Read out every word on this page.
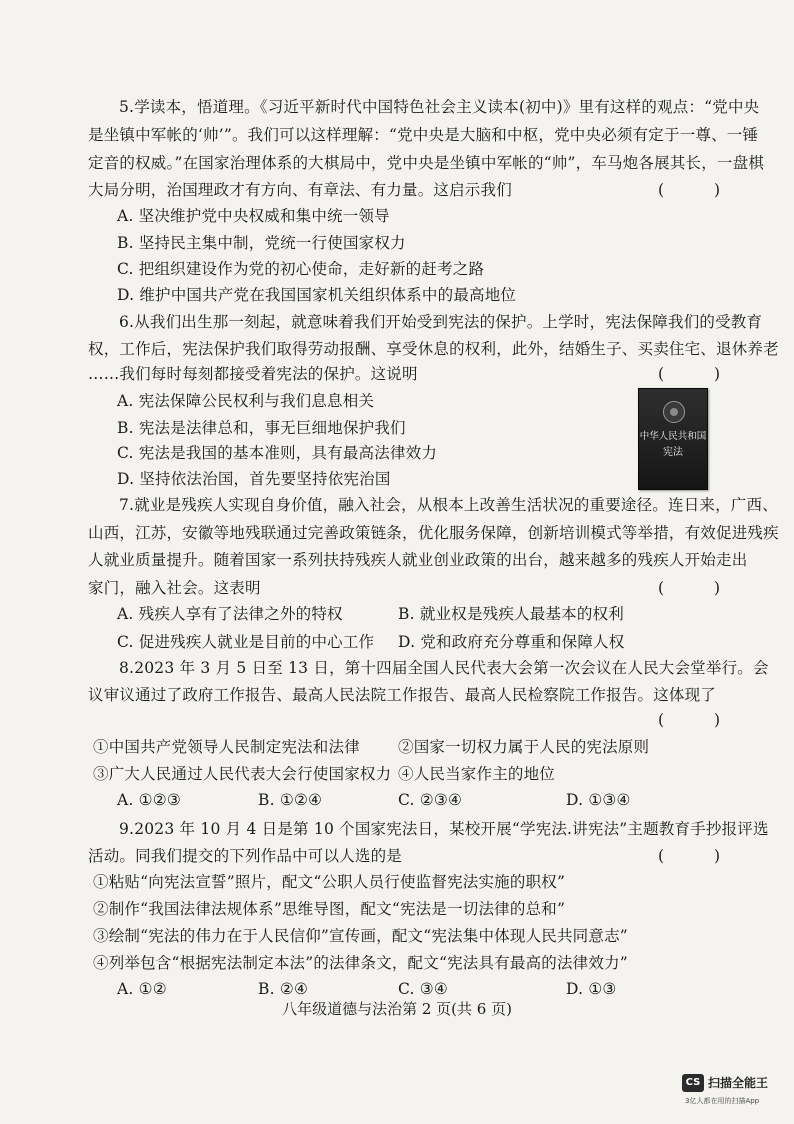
5.学读本，悟道理。《习近平新时代中国特色社会主义读本(初中)》里有这样的观点：“党中央
是坐镇中军帐的‘帅’”。我们可以这样理解：“党中央是大脑和中枢，党中央必须有定于一尊、一锤
定音的权威。”在国家治理体系的大棋局中，党中央是坐镇中军帐的“帅”，车马炮各展其长，一盘棋
大局分明，治国理政才有方向、有章法、有力量。这启示我们	(	)
A. 坚决维护党中央权威和集中统一领导
B. 坚持民主集中制，党统一行使国家权力
C. 把组织建设作为党的初心使命，走好新的赶考之路
D. 维护中国共产党在我国国家机关组织体系中的最高地位
6.从我们出生那一刻起，就意味着我们开始受到宪法的保护。上学时，宪法保障我们的受教育
权，工作后，宪法保护我们取得劳动报酬、享受休息的权利，此外，结婚生子、买卖住宅、退休养老
……我们每时每刻都接受着宪法的保护。这说明	(	)
A. 宪法保障公民权利与我们息息相关
B. 宪法是法律总和，事无巨细地保护我们
C. 宪法是我国的基本准则，具有最高法律效力
D. 坚持依法治国，首先要坚持依宪治国
中华人民共和国
宪法
7.就业是残疾人实现自身价值，融入社会，从根本上改善生活状况的重要途径。连日来，广西、
山西，江苏，安徽等地残联通过完善政策链条，优化服务保障，创新培训模式等举措，有效促进残疾
人就业质量提升。随着国家一系列扶持残疾人就业创业政策的出台，越来越多的残疾人开始走出
家门，融入社会。这表明	(	)
A. 残疾人享有了法律之外的特权	B. 就业权是残疾人最基本的权利
C. 促进残疾人就业是目前的中心工作 D. 党和政府充分尊重和保障人权
8.2023 年 3 月 5 日至 13 日，第十四届全国人民代表大会第一次会议在人民大会堂举行。会
议审议通过了政府工作报告、最高人民法院工作报告、最高人民检察院工作报告。这体现了
(	)
①中国共产党领导人民制定宪法和法律 ②国家一切权力属于人民的宪法原则
③广大人民通过人民代表大会行使国家权力 ④人民当家作主的地位
A. ①②③	B. ①②④	C. ②③④	D. ①③④
9.2023 年 10 月 4 日是第 10 个国家宪法日，某校开展“学宪法.讲宪法”主题教育手抄报评选
活动。同我们提交的下列作品中可以人选的是	(	)
①粘贴“向宪法宣誓”照片，配文“公职人员行使监督宪法实施的职权”
②制作“我国法律法规体系”思维导图，配文“宪法是一切法律的总和”
③绘制“宪法的伟力在于人民信仰”宣传画，配文“宪法集中体现人民共同意志”
④列举包含“根据宪法制定本法”的法律条文，配文“宪法具有最高的法律效力”
A. ①②	B. ②④	C. ③④	D. ①③
八年级道德与法治第 2 页(共 6 页)
CS 扫描全能王
3亿人都在用的扫描App
